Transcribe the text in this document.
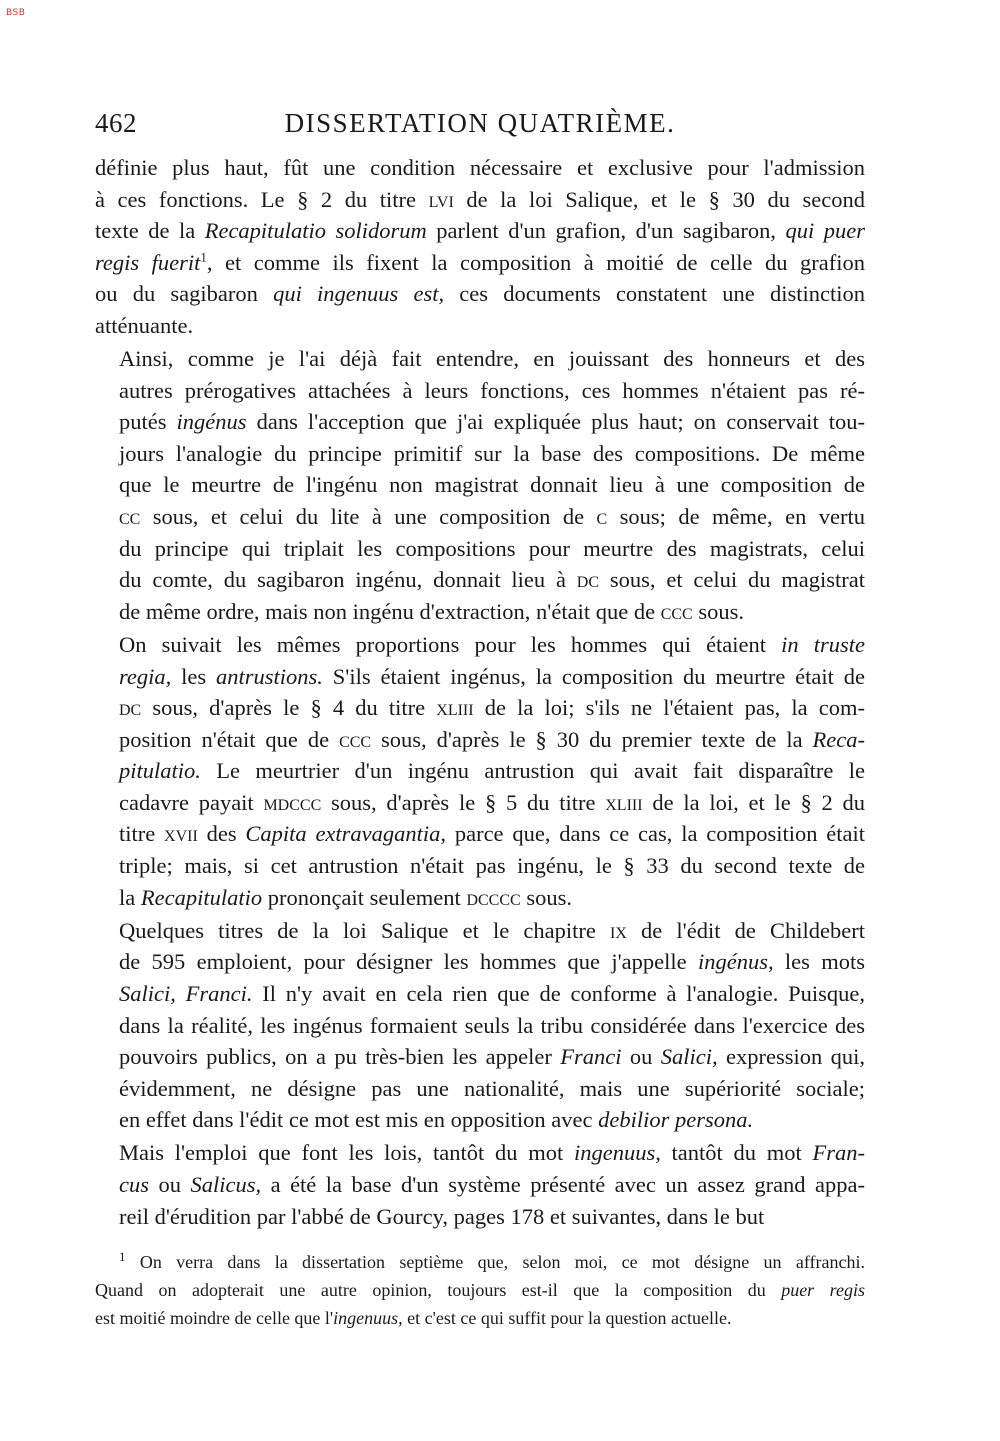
BSB
462	DISSERTATION QUATRIÈME.

définie plus haut, fût une condition nécessaire et exclusive pour l'admission
à ces fonctions. Le § 2 du titre lvi de la loi Salique, et le § 30 du second
texte de la Recapitulatio solidorum parlent d'un grafion, d'un sagibaron, qui puer
regis fuerit$^1$, et comme ils fixent la composition à moitié de celle du grafion
ou du sagibaron qui ingenuus est, ces documents constatent une distinction
atténuante.

Ainsi, comme je l'ai déjà fait entendre, en jouissant des honneurs et des
autres prérogatives attachées à leurs fonctions, ces hommes n'étaient pas ré-
putés ingénus dans l'acception que j'ai expliquée plus haut; on conservait tou-
jours l'analogie du principe primitif sur la base des compositions. De même
que le meurtre de l'ingénu non magistrat donnait lieu à une composition de
cc sous, et celui du lite à une composition de c sous; de même, en vertu
du principe qui triplait les compositions pour meurtre des magistrats, celui
du comte, du sagibaron ingénu, donnait lieu à dc sous, et celui du magistrat
de même ordre, mais non ingénu d'extraction, n'était que de ccc sous.

On suivait les mêmes proportions pour les hommes qui étaient in truste
regia, les antrustions. S'ils étaient ingénus, la composition du meurtre était de
dc sous, d'après le § 4 du titre xliii de la loi; s'ils ne l'étaient pas, la com-
position n'était que de ccc sous, d'après le § 30 du premier texte de la Reca-
pitulatio. Le meurtrier d'un ingénu antrustion qui avait fait disparaître le
cadavre payait mdccc sous, d'après le § 5 du titre xliii de la loi, et le § 2 du
titre xvii des Capita extravagantia, parce que, dans ce cas, la composition était
triple; mais, si cet antrustion n'était pas ingénu, le § 33 du second texte de
la Recapitulatio prononçait seulement dcccc sous.

Quelques titres de la loi Salique et le chapitre ix de l'édit de Childebert
de 595 emploient, pour désigner les hommes que j'appelle ingénus, les mots
Salici, Franci. Il n'y avait en cela rien que de conforme à l'analogie. Puisque,
dans la réalité, les ingénus formaient seuls la tribu considérée dans l'exercice des
pouvoirs publics, on a pu très-bien les appeler Franci ou Salici, expression qui,
évidemment, ne désigne pas une nationalité, mais une supériorité sociale;
en effet dans l'édit ce mot est mis en opposition avec debilior persona.

Mais l'emploi que font les lois, tantôt du mot ingenuus, tantôt du mot Fran-
cus ou Salicus, a été la base d'un système présenté avec un assez grand appa-
reil d'érudition par l'abbé de Gourcy, pages 178 et suivantes, dans le but

$^1$ On verra dans la dissertation septième que, selon moi, ce mot désigne un affranchi.
Quand on adopterait une autre opinion, toujours est-il que la composition du puer regis
est moitié moindre de celle que l'ingenuus, et c'est ce qui suffit pour la question actuelle.
